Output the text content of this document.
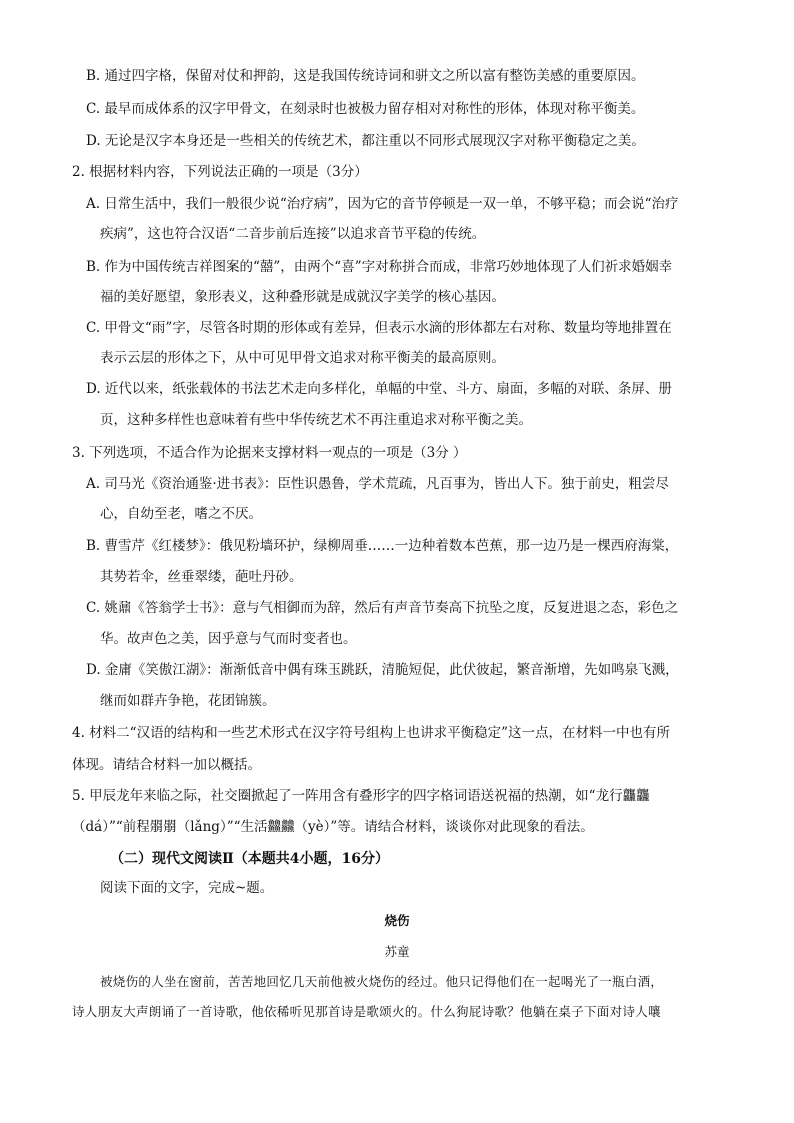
B. 通过四字格，保留对仗和押韵，这是我国传统诗词和骈文之所以富有整饬美感的重要原因。
C. 最早而成体系的汉字甲骨文，在刻录时也被极力留存相对对称性的形体，体现对称平衡美。
D. 无论是汉字本身还是一些相关的传统艺术，都注重以不同形式展现汉字对称平衡稳定之美。
2. 根据材料内容，下列说法正确的一项是（3分）
A. 日常生活中，我们一般很少说“治疗病”，因为它的音节停顿是一双一单，不够平稳；而会说“治疗
疾病”，这也符合汉语“二音步前后连接”以追求音节平稳的传统。
B. 作为中国传统吉祥图案的“囍”，由两个“喜”字对称拼合而成，非常巧妙地体现了人们祈求婚姻幸
福的美好愿望，象形表义，这种叠形就是成就汉字美学的核心基因。
C. 甲骨文“雨”字，尽管各时期的形体或有差异，但表示水滴的形体都左右对称、数量均等地排置在
表示云层的形体之下，从中可见甲骨文追求对称平衡美的最高原则。
D. 近代以来，纸张载体的书法艺术走向多样化，单幅的中堂、斗方、扇面，多幅的对联、条屏、册
页，这种多样性也意味着有些中华传统艺术不再注重追求对称平衡之美。
3. 下列选项，不适合作为论据来支撑材料一观点的一项是（3分 ）
A. 司马光《资治通鉴·进书表》：臣性识愚鲁，学术荒疏，凡百事为，皆出人下。独于前史，粗尝尽
心，自幼至老，嗜之不厌。
B. 曹雪芹《红楼梦》：俄见粉墙环护，绿柳周垂……一边种着数本芭蕉，那一边乃是一棵西府海棠，
其势若伞，丝垂翠缕，葩吐丹砂。
C. 姚鼐《答翁学士书》：意与气相御而为辞，然后有声音节奏高下抗坠之度，反复进退之态，彩色之
华。故声色之美，因乎意与气而时变者也。
D. 金庸《笑傲江湖》：渐渐低音中偶有珠玉跳跃，清脆短促，此伏彼起，繁音渐增，先如鸣泉飞溅，
继而如群卉争艳，花团锦簇。
4. 材料二“汉语的结构和一些艺术形式在汉字符号组构上也讲求平衡稳定”这一点，在材料一中也有所
体现。请结合材料一加以概括。
5. 甲辰龙年来临之际，社交圈掀起了一阵用含有叠形字的四字格词语送祝福的热潮，如“龙行龘龘
（dá）”“前程朤朤（lǎng）”“生活䲜䲜（yè）”等。请结合材料，谈谈你对此现象的看法。
（二）现代文阅读Ⅱ（本题共4小题，16分）
阅读下面的文字，完成~题。
烧伤
苏童
被烧伤的人坐在窗前，苦苦地回忆几天前他被火烧伤的经过。他只记得他们在一起喝光了一瓶白酒，
诗人朋友大声朗诵了一首诗歌，他依稀听见那首诗是歌颂火的。什么狗屁诗歌？他躺在桌子下面对诗人嚷
